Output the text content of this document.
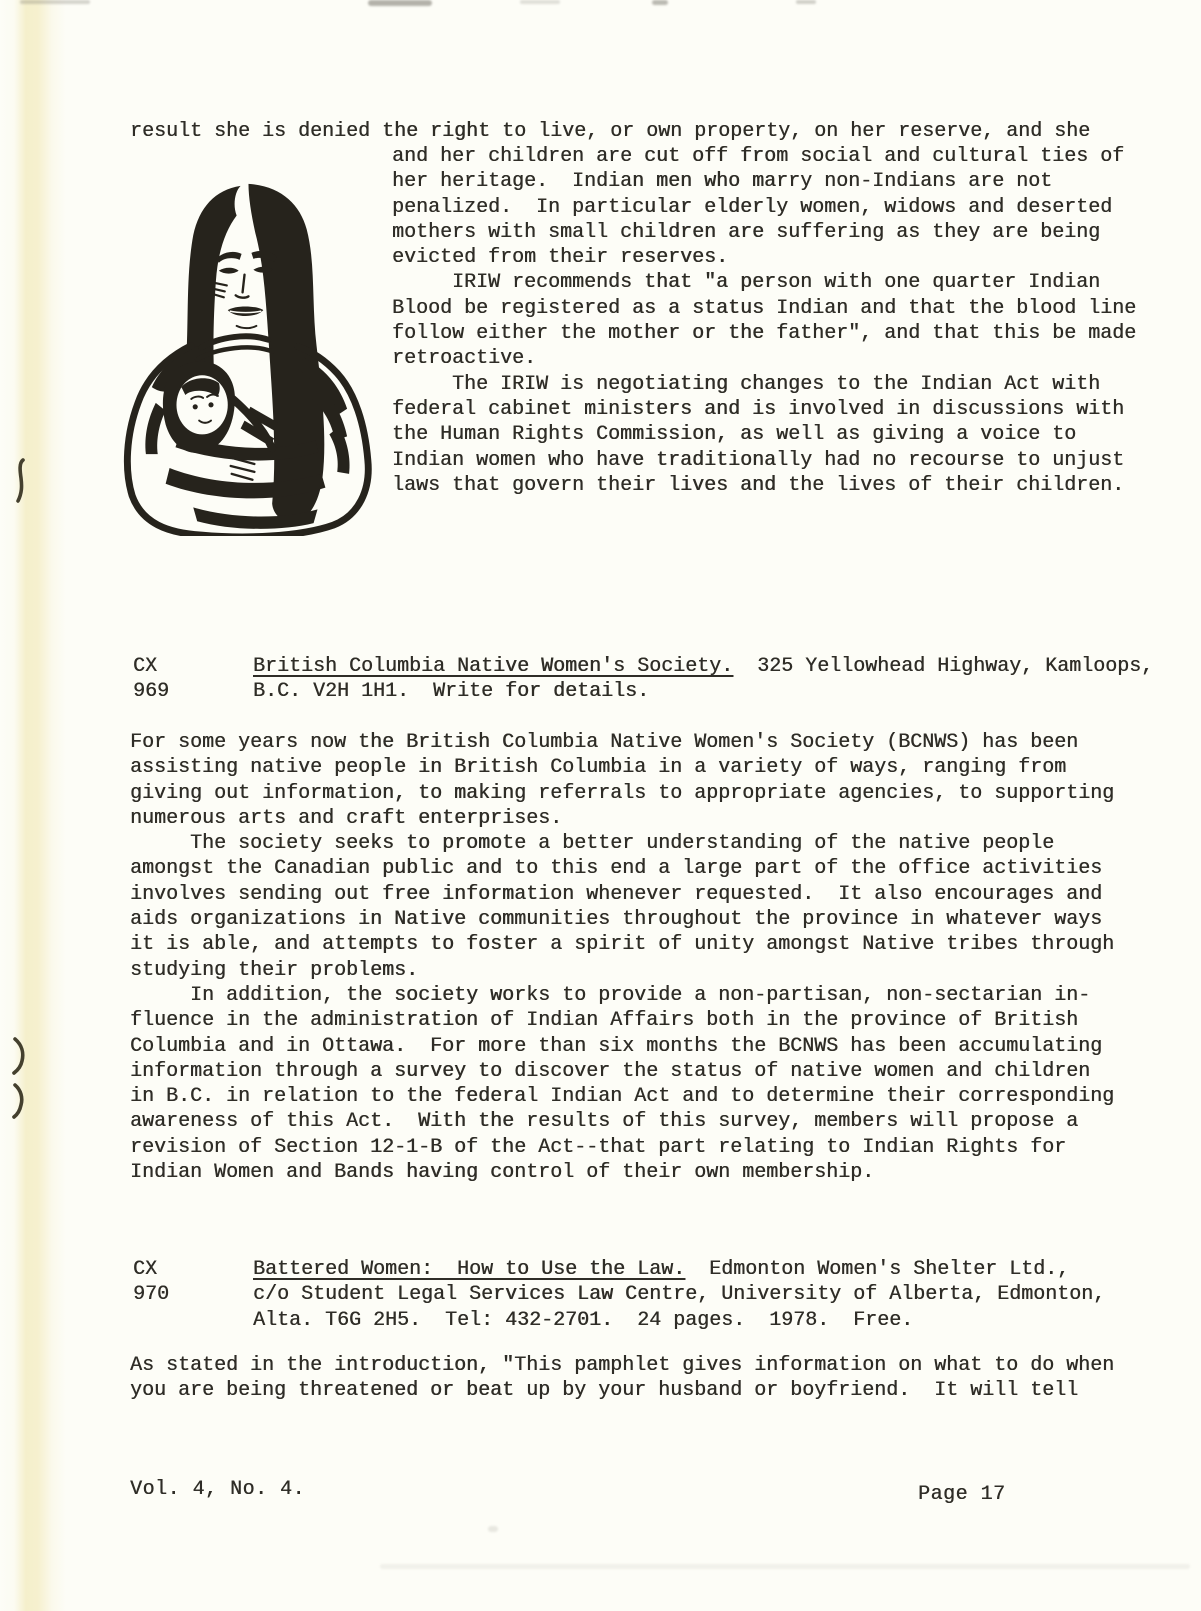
result she is denied the right to live, or own property, on her reserve, and she
and her children are cut off from social and cultural ties of
her heritage.  Indian men who marry non-Indians are not
penalized.  In particular elderly women, widows and deserted
mothers with small children are suffering as they are being
evicted from their reserves.
IRIW recommends that "a person with one quarter Indian
Blood be registered as a status Indian and that the blood line
follow either the mother or the father", and that this be made
retroactive.
The IRIW is negotiating changes to the Indian Act with
federal cabinet ministers and is involved in discussions with
the Human Rights Commission, as well as giving a voice to
Indian women who have traditionally had no recourse to unjust
laws that govern their lives and the lives of their children.
CX
969
British Columbia Native Women's Society.  325 Yellowhead Highway, Kamloops,
B.C. V2H 1H1.  Write for details.
For some years now the British Columbia Native Women's Society (BCNWS) has been
assisting native people in British Columbia in a variety of ways, ranging from
giving out information, to making referrals to appropriate agencies, to supporting
numerous arts and craft enterprises.
The society seeks to promote a better understanding of the native people
amongst the Canadian public and to this end a large part of the office activities
involves sending out free information whenever requested.  It also encourages and
aids organizations in Native communities throughout the province in whatever ways
it is able, and attempts to foster a spirit of unity amongst Native tribes through
studying their problems.
In addition, the society works to provide a non-partisan, non-sectarian in-
fluence in the administration of Indian Affairs both in the province of British
Columbia and in Ottawa.  For more than six months the BCNWS has been accumulating
information through a survey to discover the status of native women and children
in B.C. in relation to the federal Indian Act and to determine their corresponding
awareness of this Act.  With the results of this survey, members will propose a
revision of Section 12-1-B of the Act--that part relating to Indian Rights for
Indian Women and Bands having control of their own membership.
CX
970
Battered Women:  How to Use the Law.  Edmonton Women's Shelter Ltd.,
c/o Student Legal Services Law Centre, University of Alberta, Edmonton,
Alta. T6G 2H5.  Tel: 432-2701.  24 pages.  1978.  Free.
As stated in the introduction, "This pamphlet gives information on what to do when
you are being threatened or beat up by your husband or boyfriend.  It will tell
Vol. 4, No. 4.	Page 17
